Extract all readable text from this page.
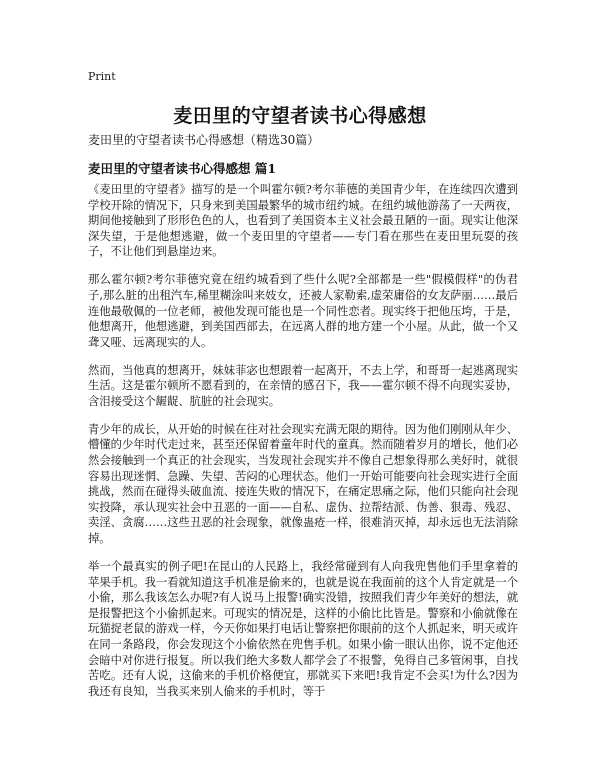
Print
麦田里的守望者读书心得感想
麦田里的守望者读书心得感想（精选30篇）
麦田里的守望者读书心得感想 篇1

《麦田里的守望者》描写的是一个叫霍尔顿?考尔菲德的美国青少年，在连续四次遭到学校开除的情况下，只身来到美国最繁华的城市纽约城。在纽约城他游荡了一天两夜，期间他接触到了形形色色的人，也看到了美国资本主义社会最丑陋的一面。现实让他深深失望，于是他想逃避，做一个麦田里的守望者——专门看在那些在麦田里玩耍的孩子，不让他们到悬崖边来。

那么霍尔顿?考尔菲德究竟在纽约城看到了些什么呢?全部都是一些"假模假样"的伪君子,那么脏的出租汽车,稀里糊涂叫来妓女，还被人家勒索,虚荣庸俗的女友萨丽……最后连他最敬佩的一位老师，被他发现可能也是一个同性恋者。现实终于把他压垮，于是，他想离开，他想逃避，到美国西部去，在远离人群的地方建一个小屋。从此，做一个又聋又哑、远离现实的人。

然而，当他真的想离开，妹妹菲宓也想跟着一起离开，不去上学，和哥哥一起逃离现实生活。这是霍尔顿所不愿看到的，在亲情的感召下，我——霍尔顿不得不向现实妥协，含泪接受这个龌龊、肮脏的社会现实。

青少年的成长，从开始的时候在往对社会现实充满无限的期待。因为他们刚刚从年少、懵懂的少年时代走过来，甚至还保留着童年时代的童真。然而随着岁月的增长，他们必然会接触到一个真正的社会现实，当发现社会现实并不像自己想象得那么美好时，就很容易出现迷惘、急躁、失望、苦闷的心理状态。他们一开始可能要向社会现实进行全面挑战，然而在碰得头破血流、接连失败的情况下，在痛定思痛之际，他们只能向社会现实投降，承认现实社会中丑恶的一面——自私、虚伪、拉帮结派、伪善、狠毒、残忍、卖淫、贪腐……这些丑恶的社会现象，就像蛊疮一样，很难消灭掉，却永远也无法消除掉。

举一个最真实的例子吧!在昆山的人民路上，我经常碰到有人向我兜售他们手里拿着的苹果手机。我一看就知道这手机准是偷来的，也就是说在我面前的这个人肯定就是一个小偷，那么我该怎么办呢?有人说马上报警!确实没错，按照我们青少年美好的想法，就是报警把这个小偷抓起来。可现实的情况是，这样的小偷比比皆是。警察和小偷就像在玩猫捉老鼠的游戏一样，今天你如果打电话让警察把你眼前的这个人抓起来，明天或许在同一条路段，你会发现这个小偷依然在兜售手机。如果小偷一眼认出你，说不定他还会暗中对你进行报复。所以我们绝大多数人都学会了不报警，免得自己多管闲事，自找苦吃。还有人说，这偷来的手机价格便宜，那就买下来吧!我肯定不会买!为什么?因为我还有良知，当我买来别人偷来的手机时，等于
